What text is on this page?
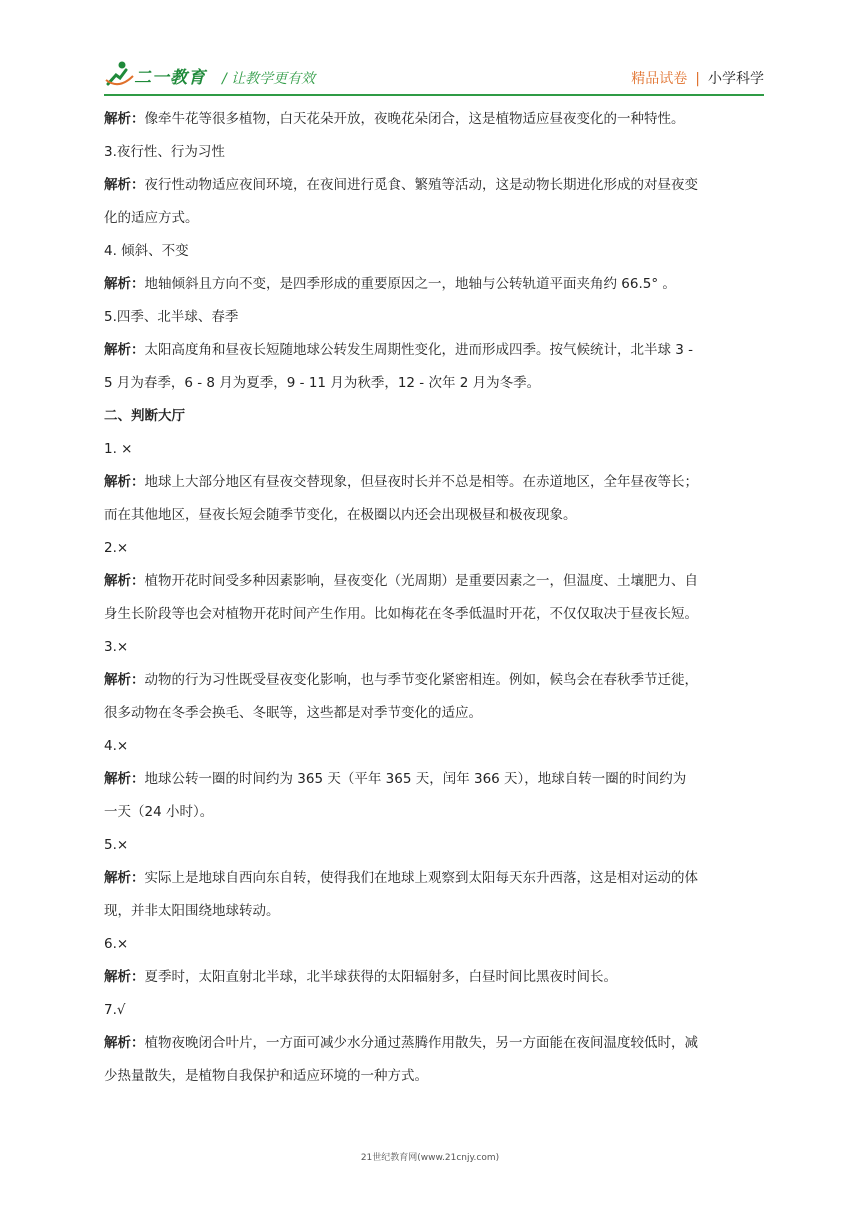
二一教育 / 让教学更有效	精品试卷 | 小学科学
解析：像牵牛花等很多植物，白天花朵开放，夜晚花朵闭合，这是植物适应昼夜变化的一种特性。
3.夜行性、行为习性
解析：夜行性动物适应夜间环境，在夜间进行觅食、繁殖等活动，这是动物长期进化形成的对昼夜变
化的适应方式。
4. 倾斜、不变
解析：地轴倾斜且方向不变，是四季形成的重要原因之一，地轴与公转轨道平面夹角约 66.5° 。
5.四季、北半球、春季
解析：太阳高度角和昼夜长短随地球公转发生周期性变化，进而形成四季。按气候统计，北半球 3 -
5 月为春季，6 - 8 月为夏季，9 - 11 月为秋季，12 - 次年 2 月为冬季。
二、判断大厅
1. ×
解析：地球上大部分地区有昼夜交替现象，但昼夜时长并不总是相等。在赤道地区，全年昼夜等长；
而在其他地区，昼夜长短会随季节变化，在极圈以内还会出现极昼和极夜现象。
2.×
解析：植物开花时间受多种因素影响，昼夜变化（光周期）是重要因素之一，但温度、土壤肥力、自
身生长阶段等也会对植物开花时间产生作用。比如梅花在冬季低温时开花，不仅仅取决于昼夜长短。
3.×
解析：动物的行为习性既受昼夜变化影响，也与季节变化紧密相连。例如，候鸟会在春秋季节迁徙，
很多动物在冬季会换毛、冬眠等，这些都是对季节变化的适应。
4.×
解析：地球公转一圈的时间约为 365 天（平年 365 天，闰年 366 天），地球自转一圈的时间约为
一天（24 小时）。
5.×
解析：实际上是地球自西向东自转，使得我们在地球上观察到太阳每天东升西落，这是相对运动的体
现，并非太阳围绕地球转动。
6.×
解析：夏季时，太阳直射北半球，北半球获得的太阳辐射多，白昼时间比黑夜时间长。
7.√
解析：植物夜晚闭合叶片，一方面可减少水分通过蒸腾作用散失，另一方面能在夜间温度较低时，减
少热量散失，是植物自我保护和适应环境的一种方式。
21世纪教育网(www.21cnjy.com)
